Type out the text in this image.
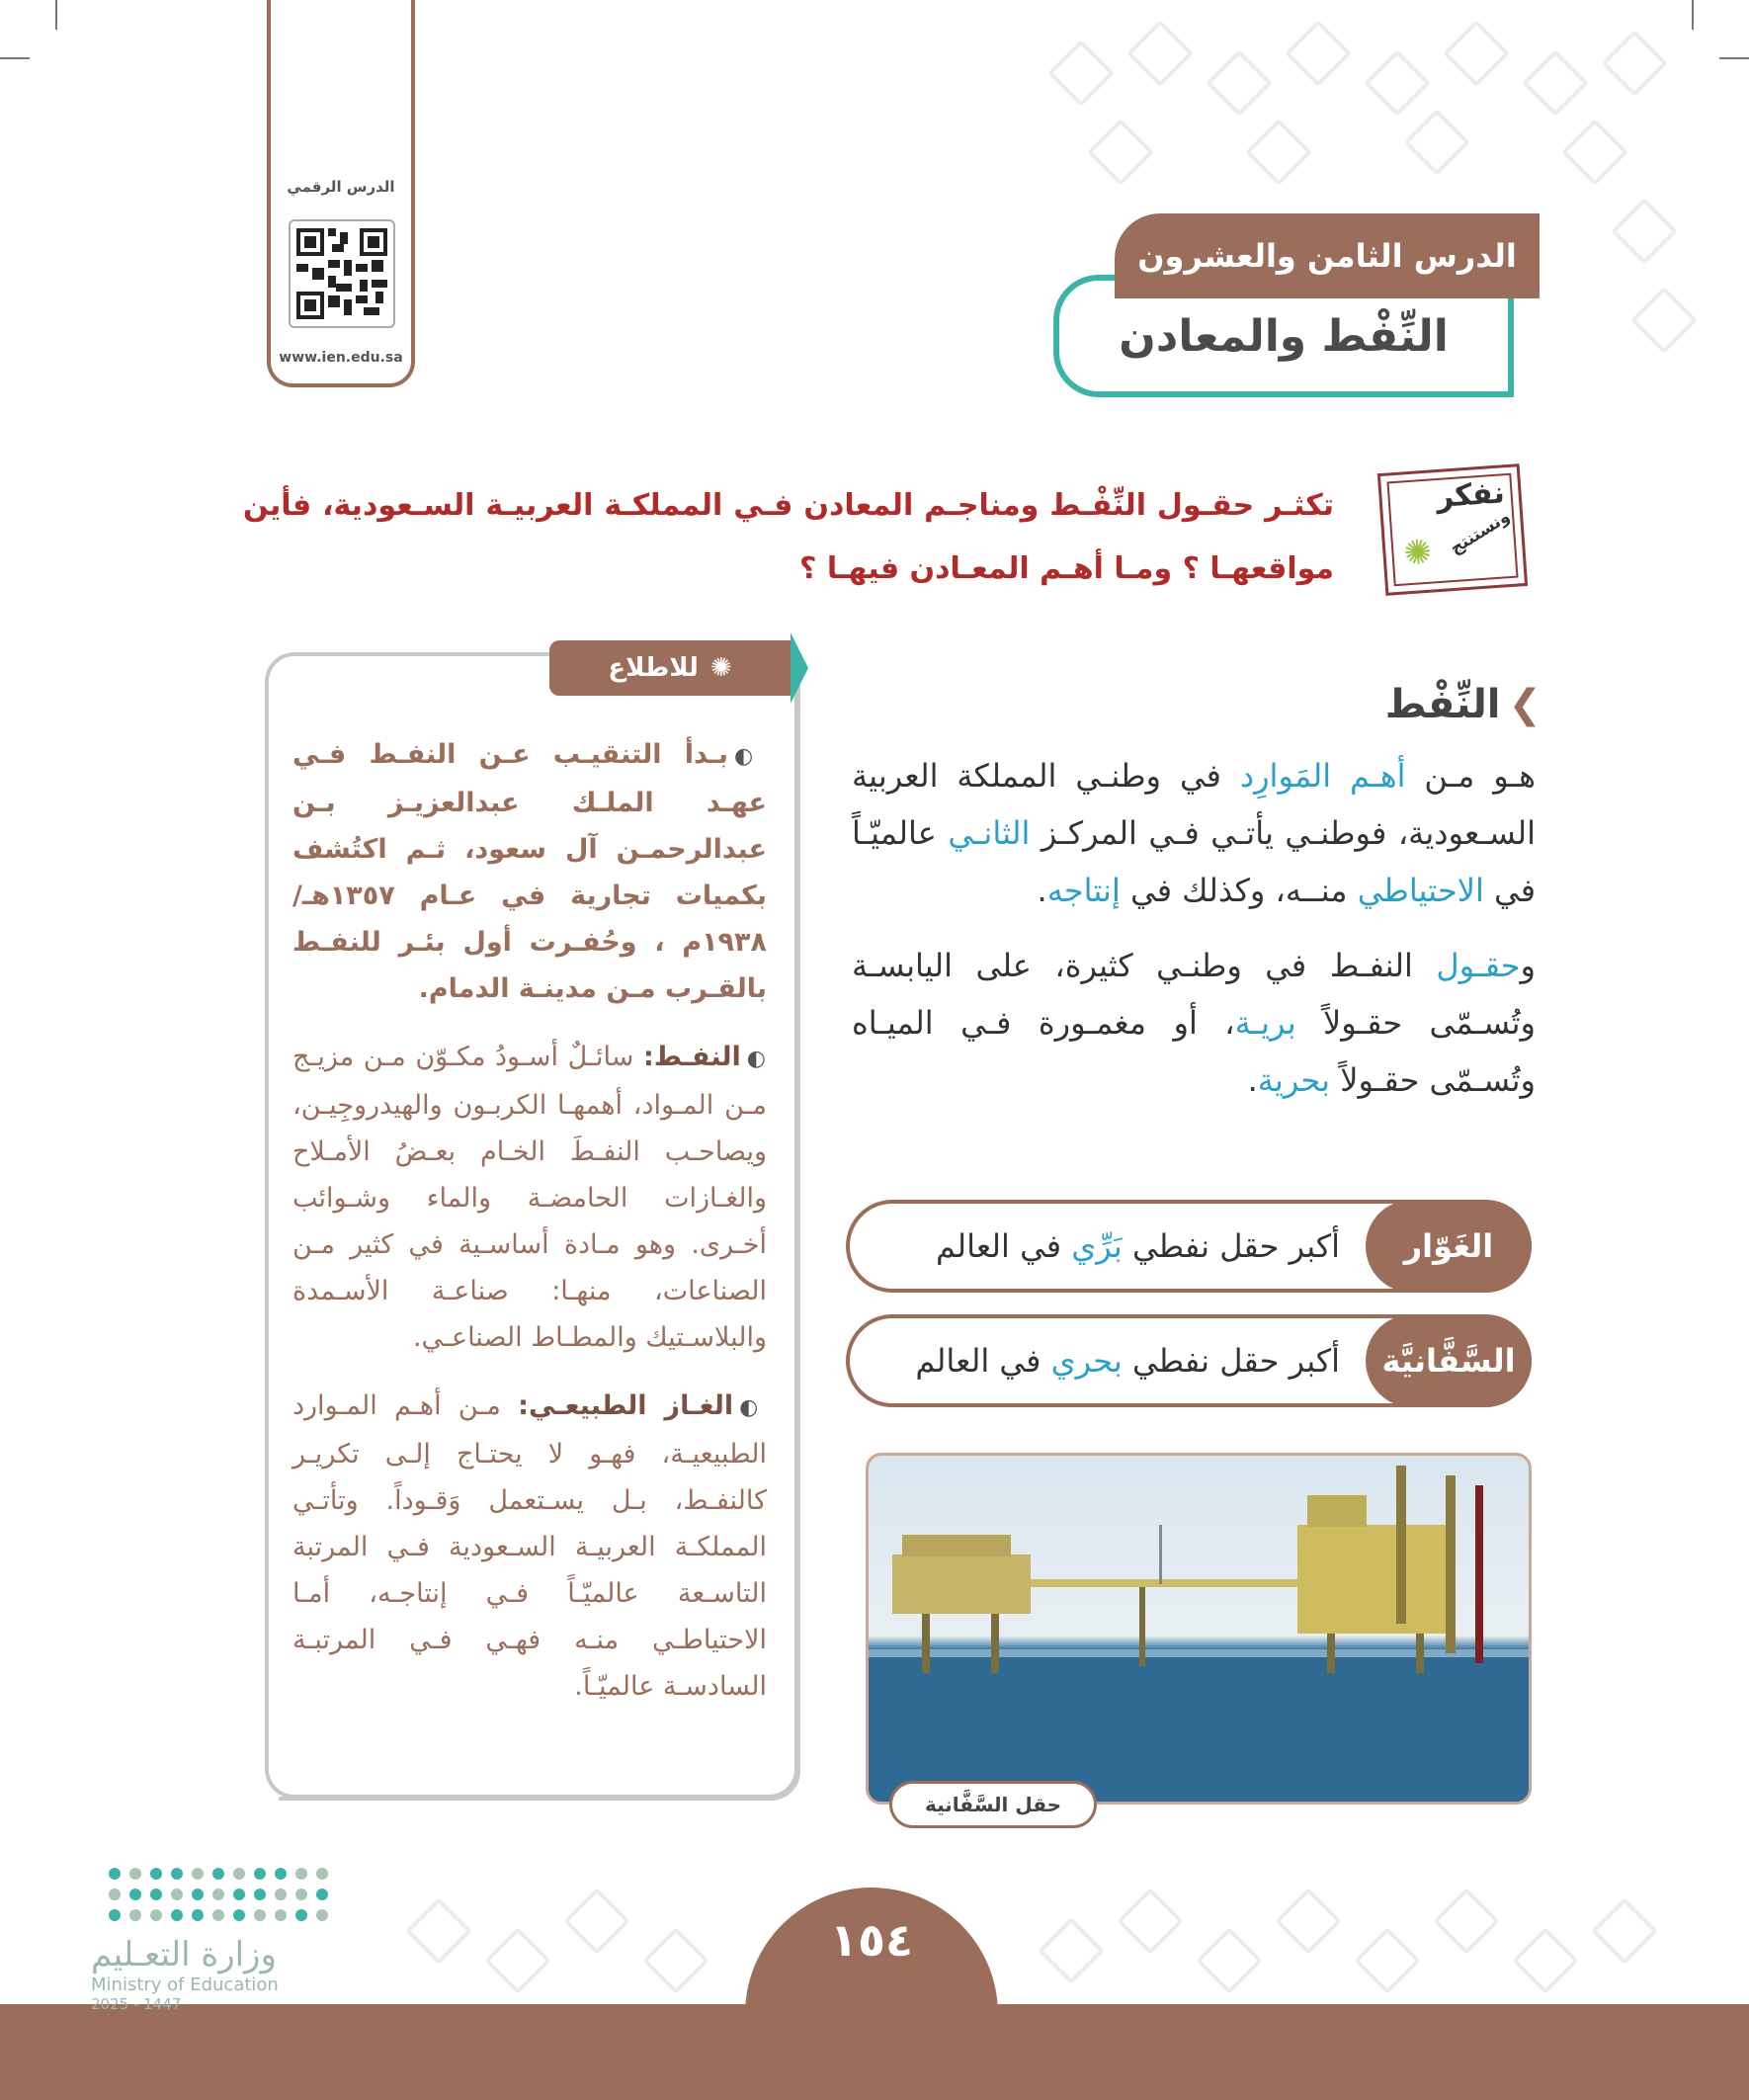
الدرس الرقمي
www.ien.edu.sa	النِّفْط والمعادن
الدرس الثامن والعشرون
نفكر
ونستنتج
✺
تكثـر حقـول النِّفْـط ومناجـم المعادن فـي المملكـة العربيـة السـعودية، فأين مواقعهـا ؟ ومـا أهـم المعـادن فيهـا ؟
✺
للاطلاع

◐بـدأ التنقيـب عـن النفـط فـي عهـد الملـك عبدالعزيـز بـن عبدالرحمـن آل سعود، ثـم اكتُشف بكميات تجارية في عـام ١٣٥٧هـ/١٩٣٨م ، وحُفـرت أول بئـر للنفـط بالقـرب مـن مدينـة الدمام.

◐النفـط: سائـلٌ أسـودُ مكـوّن مـن مزيـج مـن المـواد، أهمهـا الكربـون والهيدروجِيـن، ويصاحـب النفـطَ الخـام بعـضُ الأمـلاح والغـازات الحامضـة والماء وشـوائب أخـرى. وهو مـادة أساسـية في كثير مـن الصناعات، منهـا: صناعـة الأسـمدة والبلاسـتيك والمطـاط الصناعـي.

◐الغـاز الطبيعـي: مـن أهـم المـوارد الطبيعيـة، فهـو لا يحتـاج إلـى تكريـر كالنفـط، بـل يسـتعمل وَقـوداً. وتأتـي المملكـة العربيـة السـعودية فـي المرتبة التاسـعة عالميّـاً فـي إنتاجـه، أمـا الاحتياطـي منـه فهـي فـي المرتبـة السادسـة عالميّـاً.

❯النِّفْط

هـو مـن أهـم المَوارِد في وطنـي المملكة العربية السـعودية، فوطنـي يأتـي فـي المركـز الثانـي عالميّـاً في الاحتياطي منــه، وكذلك في إنتاجه.

وحقـول النفـط في وطنـي كثيرة، على اليابسـة وتُسـمّى حقـولاً بريـة، أو مغمـورة فـي الميـاه وتُسـمّى حقـولاً بحرية.

الغَوّار
أكبر حقل نفطي

بَرِّي

في العالم
السَّفَّانيَّة
أكبر حقل نفطي

بحري

في العالم
حقل السَّفَّانية
١٥٤
وزارة التعـليم
Ministry of Education
2025 - 1447
